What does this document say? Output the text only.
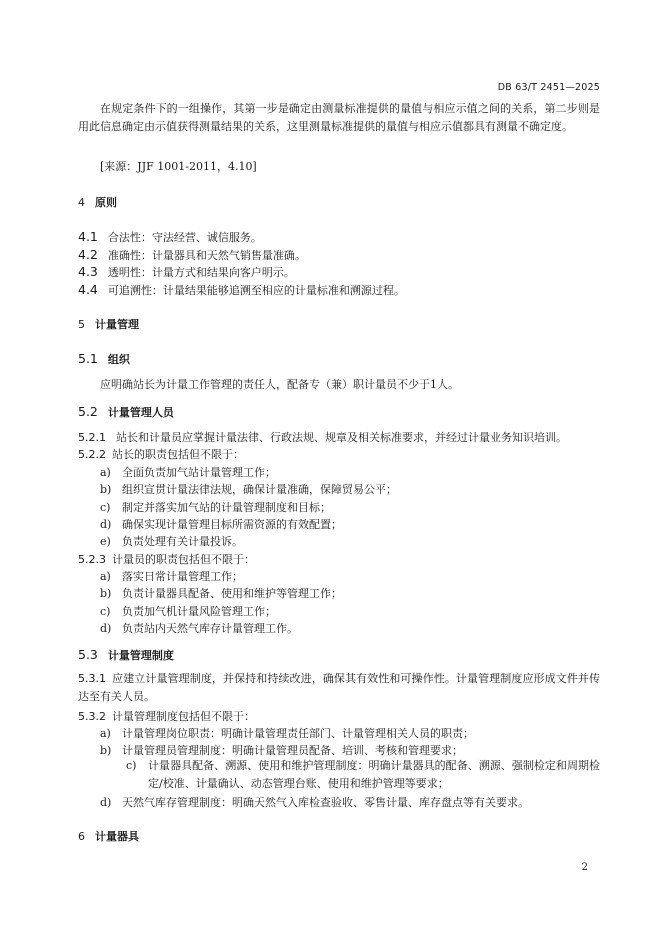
DB 63/T 2451—2025
在规定条件下的一组操作，其第一步是确定由测量标准提供的量值与相应示值之间的关系，第二步则是用此信息确定由示值获得测量结果的关系，这里测量标准提供的量值与相应示值都具有测量不确定度。
[来源：JJF 1001-2011，4.10]
4 原则
4.1 合法性：守法经营、诚信服务。
4.2 准确性：计量器具和天然气销售量准确。
4.3 透明性：计量方式和结果向客户明示。
4.4 可追溯性：计量结果能够追溯至相应的计量标准和溯源过程。
5 计量管理
5.1 组织
应明确站长为计量工作管理的责任人，配备专（兼）职计量员不少于1人。
5.2 计量管理人员
5.2.1 站长和计量员应掌握计量法律、行政法规、规章及相关标准要求，并经过计量业务知识培训。
5.2.2 站长的职责包括但不限于：
a) 全面负责加气站计量管理工作；
b) 组织宣贯计量法律法规，确保计量准确，保障贸易公平；
c) 制定并落实加气站的计量管理制度和目标；
d) 确保实现计量管理目标所需资源的有效配置；
e) 负责处理有关计量投诉。
5.2.3 计量员的职责包括但不限于：
a) 落实日常计量管理工作；
b) 负责计量器具配备、使用和维护等管理工作；
c) 负责加气机计量风险管理工作；
d) 负责站内天然气库存计量管理工作。
5.3 计量管理制度
5.3.1 应建立计量管理制度，并保持和持续改进，确保其有效性和可操作性。计量管理制度应形成文件并传达至有关人员。
5.3.2 计量管理制度包括但不限于：
a) 计量管理岗位职责：明确计量管理责任部门、计量管理相关人员的职责；
b) 计量管理员管理制度：明确计量管理员配备、培训、考核和管理要求；
c) 计量器具配备、溯源、使用和维护管理制度：明确计量器具的配备、溯源、强制检定和周期检定/校准、计量确认、动态管理台账、使用和维护管理等要求；
d) 天然气库存管理制度：明确天然气入库检查验收、零售计量、库存盘点等有关要求。
6 计量器具
2
